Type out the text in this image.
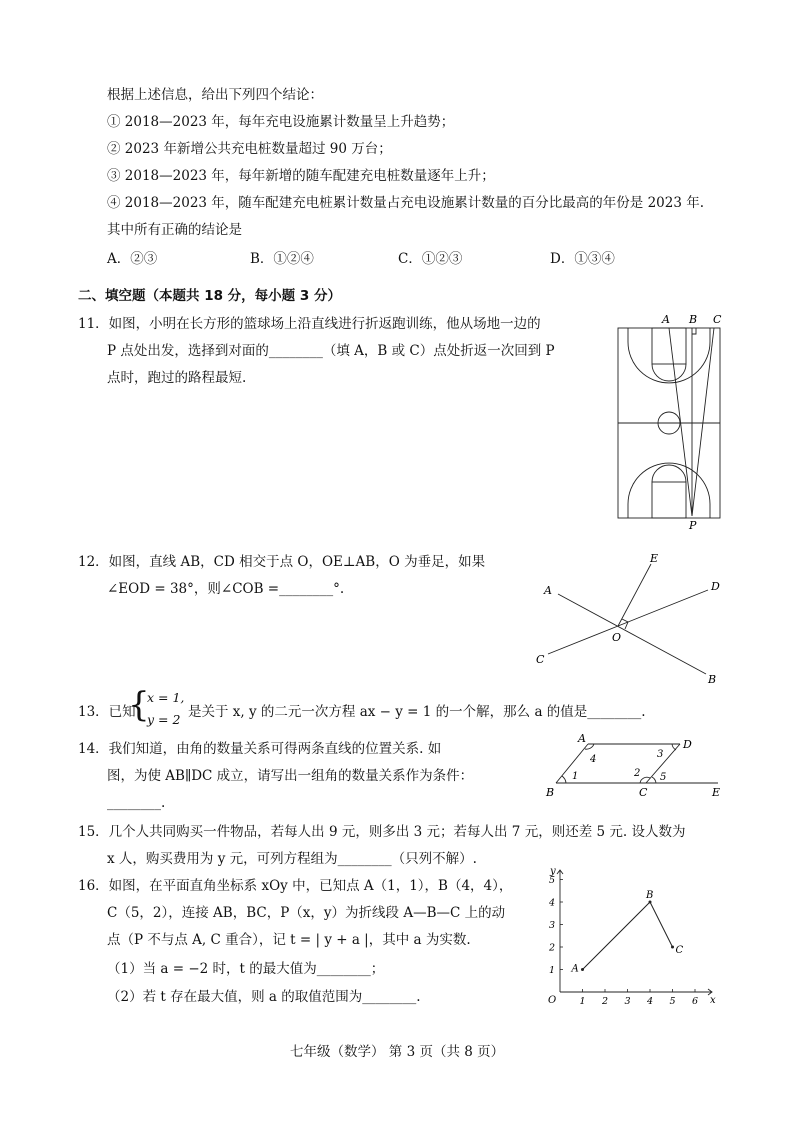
根据上述信息，给出下列四个结论：
① 2018—2023 年，每年充电设施累计数量呈上升趋势；
② 2023 年新增公共充电桩数量超过 90 万台；
③ 2018—2023 年，每年新增的随车配建充电桩数量逐年上升；
④ 2018—2023 年，随车配建充电桩累计数量占充电设施累计数量的百分比最高的年份是 2023 年.
其中所有正确的结论是
A．②③	B．①②④	C．①②③	D．①③④
二、填空题（本题共 18 分，每小题 3 分）
11．如图，小明在长方形的篮球场上沿直线进行折返跑训练，他从场地一边的
P 点处出发，选择到对面的________（填 A，B 或 C）点处折返一次回到 P
点时，跑过的路程最短.
A B C
P
12．如图，直线 AB，CD 相交于点 O，OE⊥AB，O 为垂足，如果
∠EOD = 38°，则∠COB =________°.	A
B
C
D
E
O
13．已知
{
x = 1,
y = 2 是关于 x, y 的二元一次方程 ax − y = 1 的一个解，那么 a 的值是________.
14．我们知道，由角的数量关系可得两条直线的位置关系. 如
图，为使 AB∥DC 成立，请写出一组角的数量关系作为条件：
________.
A
B	C
D
E
1	2
3
4
5
15．几个人共同购买一件物品，若每人出 9 元，则多出 3 元；若每人出 7 元，则还差 5 元. 设人数为
x 人，购买费用为 y 元，可列方程组为________（只列不解）.
16．如图，在平面直角坐标系 xOy 中，已知点 A（1，1），B（4，4），
C（5，2），连接 AB，BC，P（x，y）为折线段 A—B—C 上的动
点（P 不与点 A, C 重合），记 t = | y + a |，其中 a 为实数.
（1）当 a = −2 时，t 的最大值为________；
（2）若 t 存在最大值，则 a 的取值范围为________.
y
x
O 1 2 3 4 5 6
1
2
3
4
5
A
B
C
七年级（数学） 第 3 页（共 8 页）
